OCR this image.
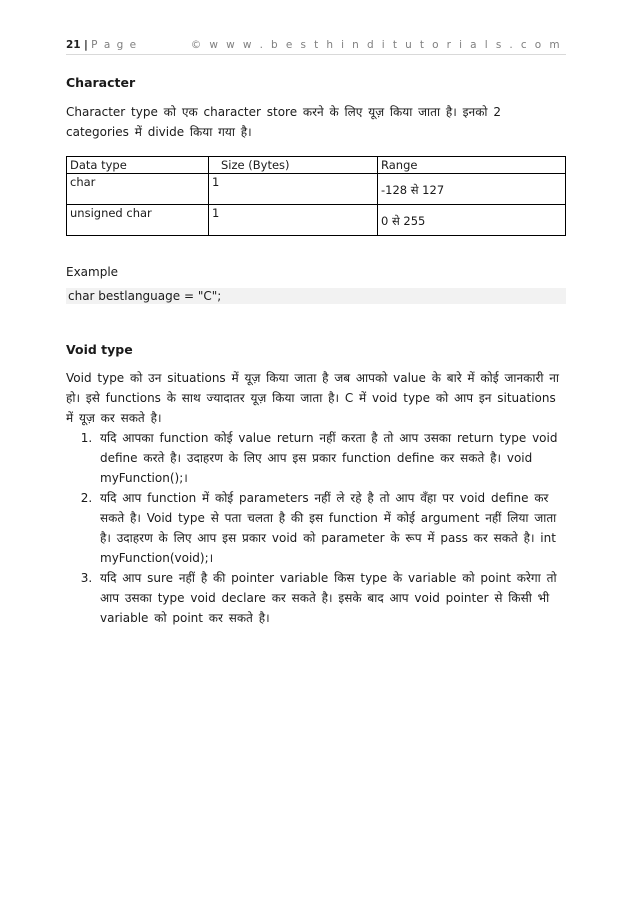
21 | P a g e	© w w w . b e s t h i n d i t u t o r i a l s . c o m
Character

Character type को एक character store करने के लिए यूज़ किया जाता है। इनको 2 categories में divide किया गया है।

Data type	Size (Bytes)	Range
char	1	-128 से 127
unsigned char	1	0 से 255

Example

char bestlanguage = "C";
Void type

Void type को उन situations में यूज़ किया जाता है जब आपको value के बारे में कोई जानकारी ना हो। इसे functions के साथ ज्यादातर यूज़ किया जाता है। C में void type को आप इन situations में यूज़ कर सकते है।

1. यदि आपका function कोई value return नहीं करता है तो आप उसका return type void define करते है। उदाहरण के लिए आप इस प्रकार function define कर सकते है। void myFunction();।
2. यदि आप function में कोई parameters नहीं ले रहे है तो आप वँहा पर void define कर सकते है। Void type से पता चलता है की इस function में कोई argument नहीं लिया जाता है। उदाहरण के लिए आप इस प्रकार void को parameter के रूप में pass कर सकते है। int myFunction(void);।
3. यदि आप sure नहीं है की pointer variable किस type के variable को point करेगा तो आप उसका type void declare कर सकते है। इसके बाद आप void pointer से किसी भी variable को point कर सकते है।
